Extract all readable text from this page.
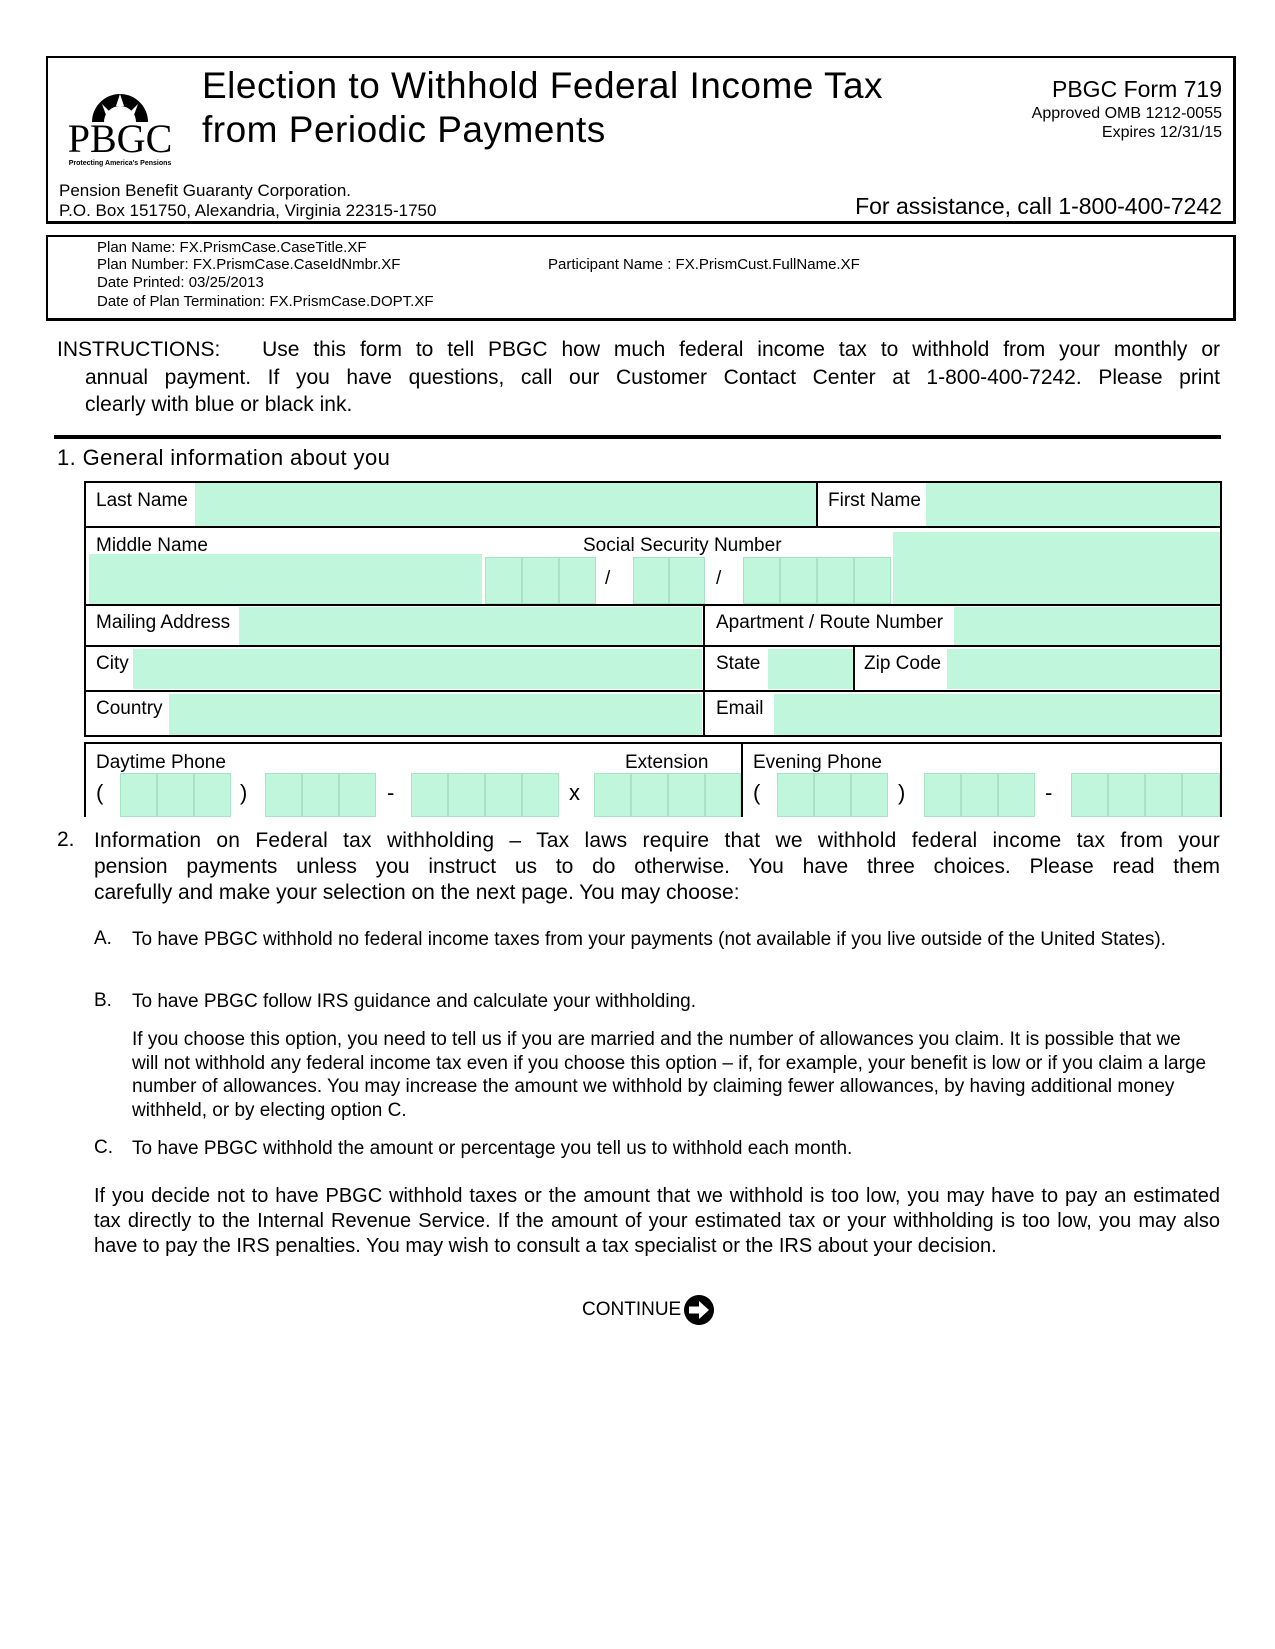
PBGC
Protecting America's Pensions
Election to Withhold Federal Income Tax
from Periodic Payments
PBGC Form 719
Approved OMB 1212-0055
Expires 12/31/15
Pension Benefit Guaranty Corporation.
P.O. Box 151750, Alexandria, Virginia 22315-1750	For assistance, call 1-800-400-7242
Plan Name: FX.PrismCase.CaseTitle.XF
Plan Number: FX.PrismCase.CaseIdNmbr.XF
Date Printed: 03/25/2013
Date of Plan Termination: FX.PrismCase.DOPT.XF
Participant Name : FX.PrismCust.FullName.XF
INSTRUCTIONS: Use this form to tell PBGC how much federal income tax to withhold from your monthly or
annual payment. If you have questions, call our Customer Contact Center at 1-800-400-7242. Please print
clearly with blue or black ink.
1. General information about you
Last Name	First Name
Middle Name	Social Security Number
/	/
Mailing Address	Apartment / Route Number
City	State	Zip Code
Country	Email
Daytime Phone	Extension Evening Phone
(	)	-	x	(	)	-
2. Information on Federal tax withholding – Tax laws require that we withhold federal income tax from your
pension payments unless you instruct us to do otherwise. You have three choices. Please read them
carefully and make your selection on the next page. You may choose:
A. To have PBGC withhold no federal income taxes from your payments (not available if you live outside of the United States).
B. To have PBGC follow IRS guidance and calculate your withholding.
If you choose this option, you need to tell us if you are married and the number of allowances you claim. It is possible that we will not withhold any federal income tax even if you choose this option – if, for example, your benefit is low or if you claim a large number of allowances. You may increase the amount we withhold by claiming fewer allowances, by having additional money withheld, or by electing option C.
C. To have PBGC withhold the amount or percentage you tell us to withhold each month.
If you decide not to have PBGC withhold taxes or the amount that we withhold is too low, you may have to pay an estimated tax directly to the Internal Revenue Service. If the amount of your estimated tax or your withholding is too low, you may also have to pay the IRS penalties. You may wish to consult a tax specialist or the IRS about your decision.
CONTINUE
